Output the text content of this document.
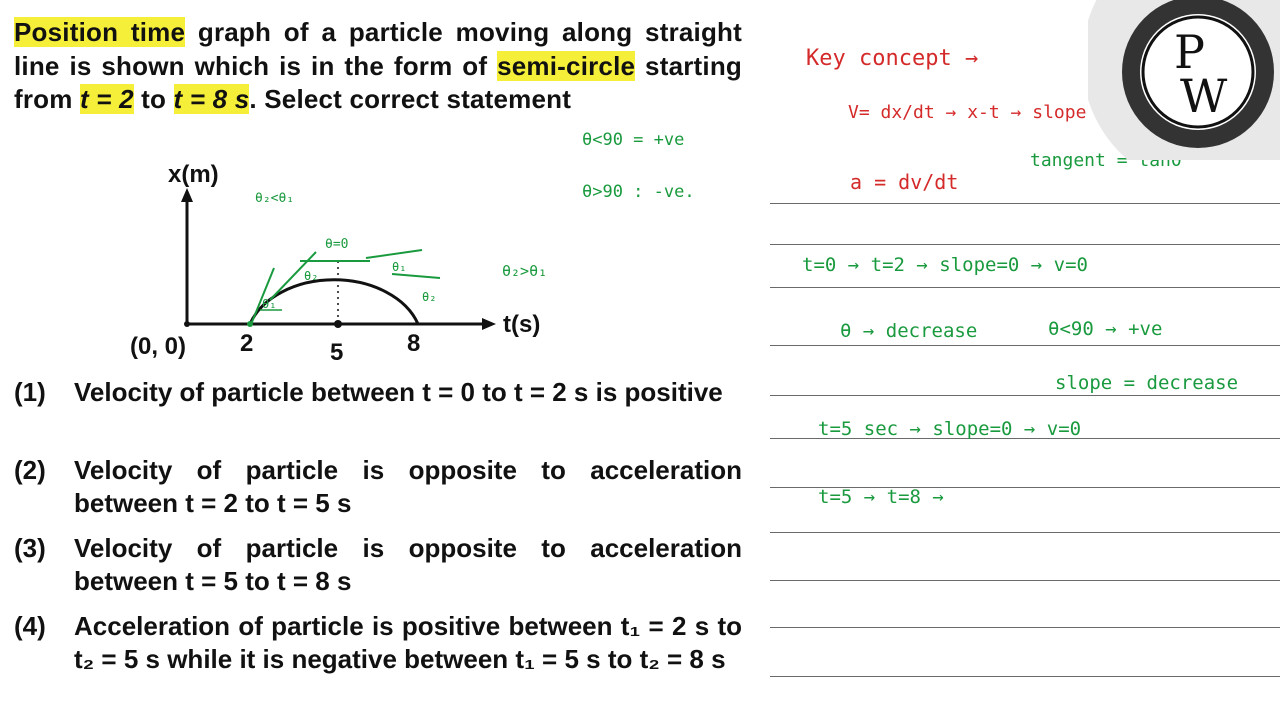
Position time graph of a particle moving along straight line is shown which is in the form of semi-circle starting from t = 2 to t = 8 s. Select correct statement
x(m)
t(s)
(0, 0) 2	5	8
θ₂<θ₁
θ=0
θ₁
θ₂
θ₁
θ₂
θ₂>θ₁
(1) Velocity of particle between t = 0 to t = 2 s is positive
(2) Velocity of particle is opposite to acceleration between t = 2 to t = 5 s
(3) Velocity of particle is opposite to acceleration between t = 5 to t = 8 s
(4) Acceleration of particle is positive between t₁ = 2 s to t₂ = 5 s while it is negative between t₁ = 5 s to t₂ = 8 s
θ<90 = +ve
θ>90 : -ve.
Key concept →
V= dx/dt → x-t → slope
tangent = tanθ
a = dv/dt
t=0 → t=2 → slope=0 → v=0
θ → decrease	θ<90 → +ve
slope = decrease
t=5 sec → slope=0 → v=0
t=5 → t=8 →
P
W
